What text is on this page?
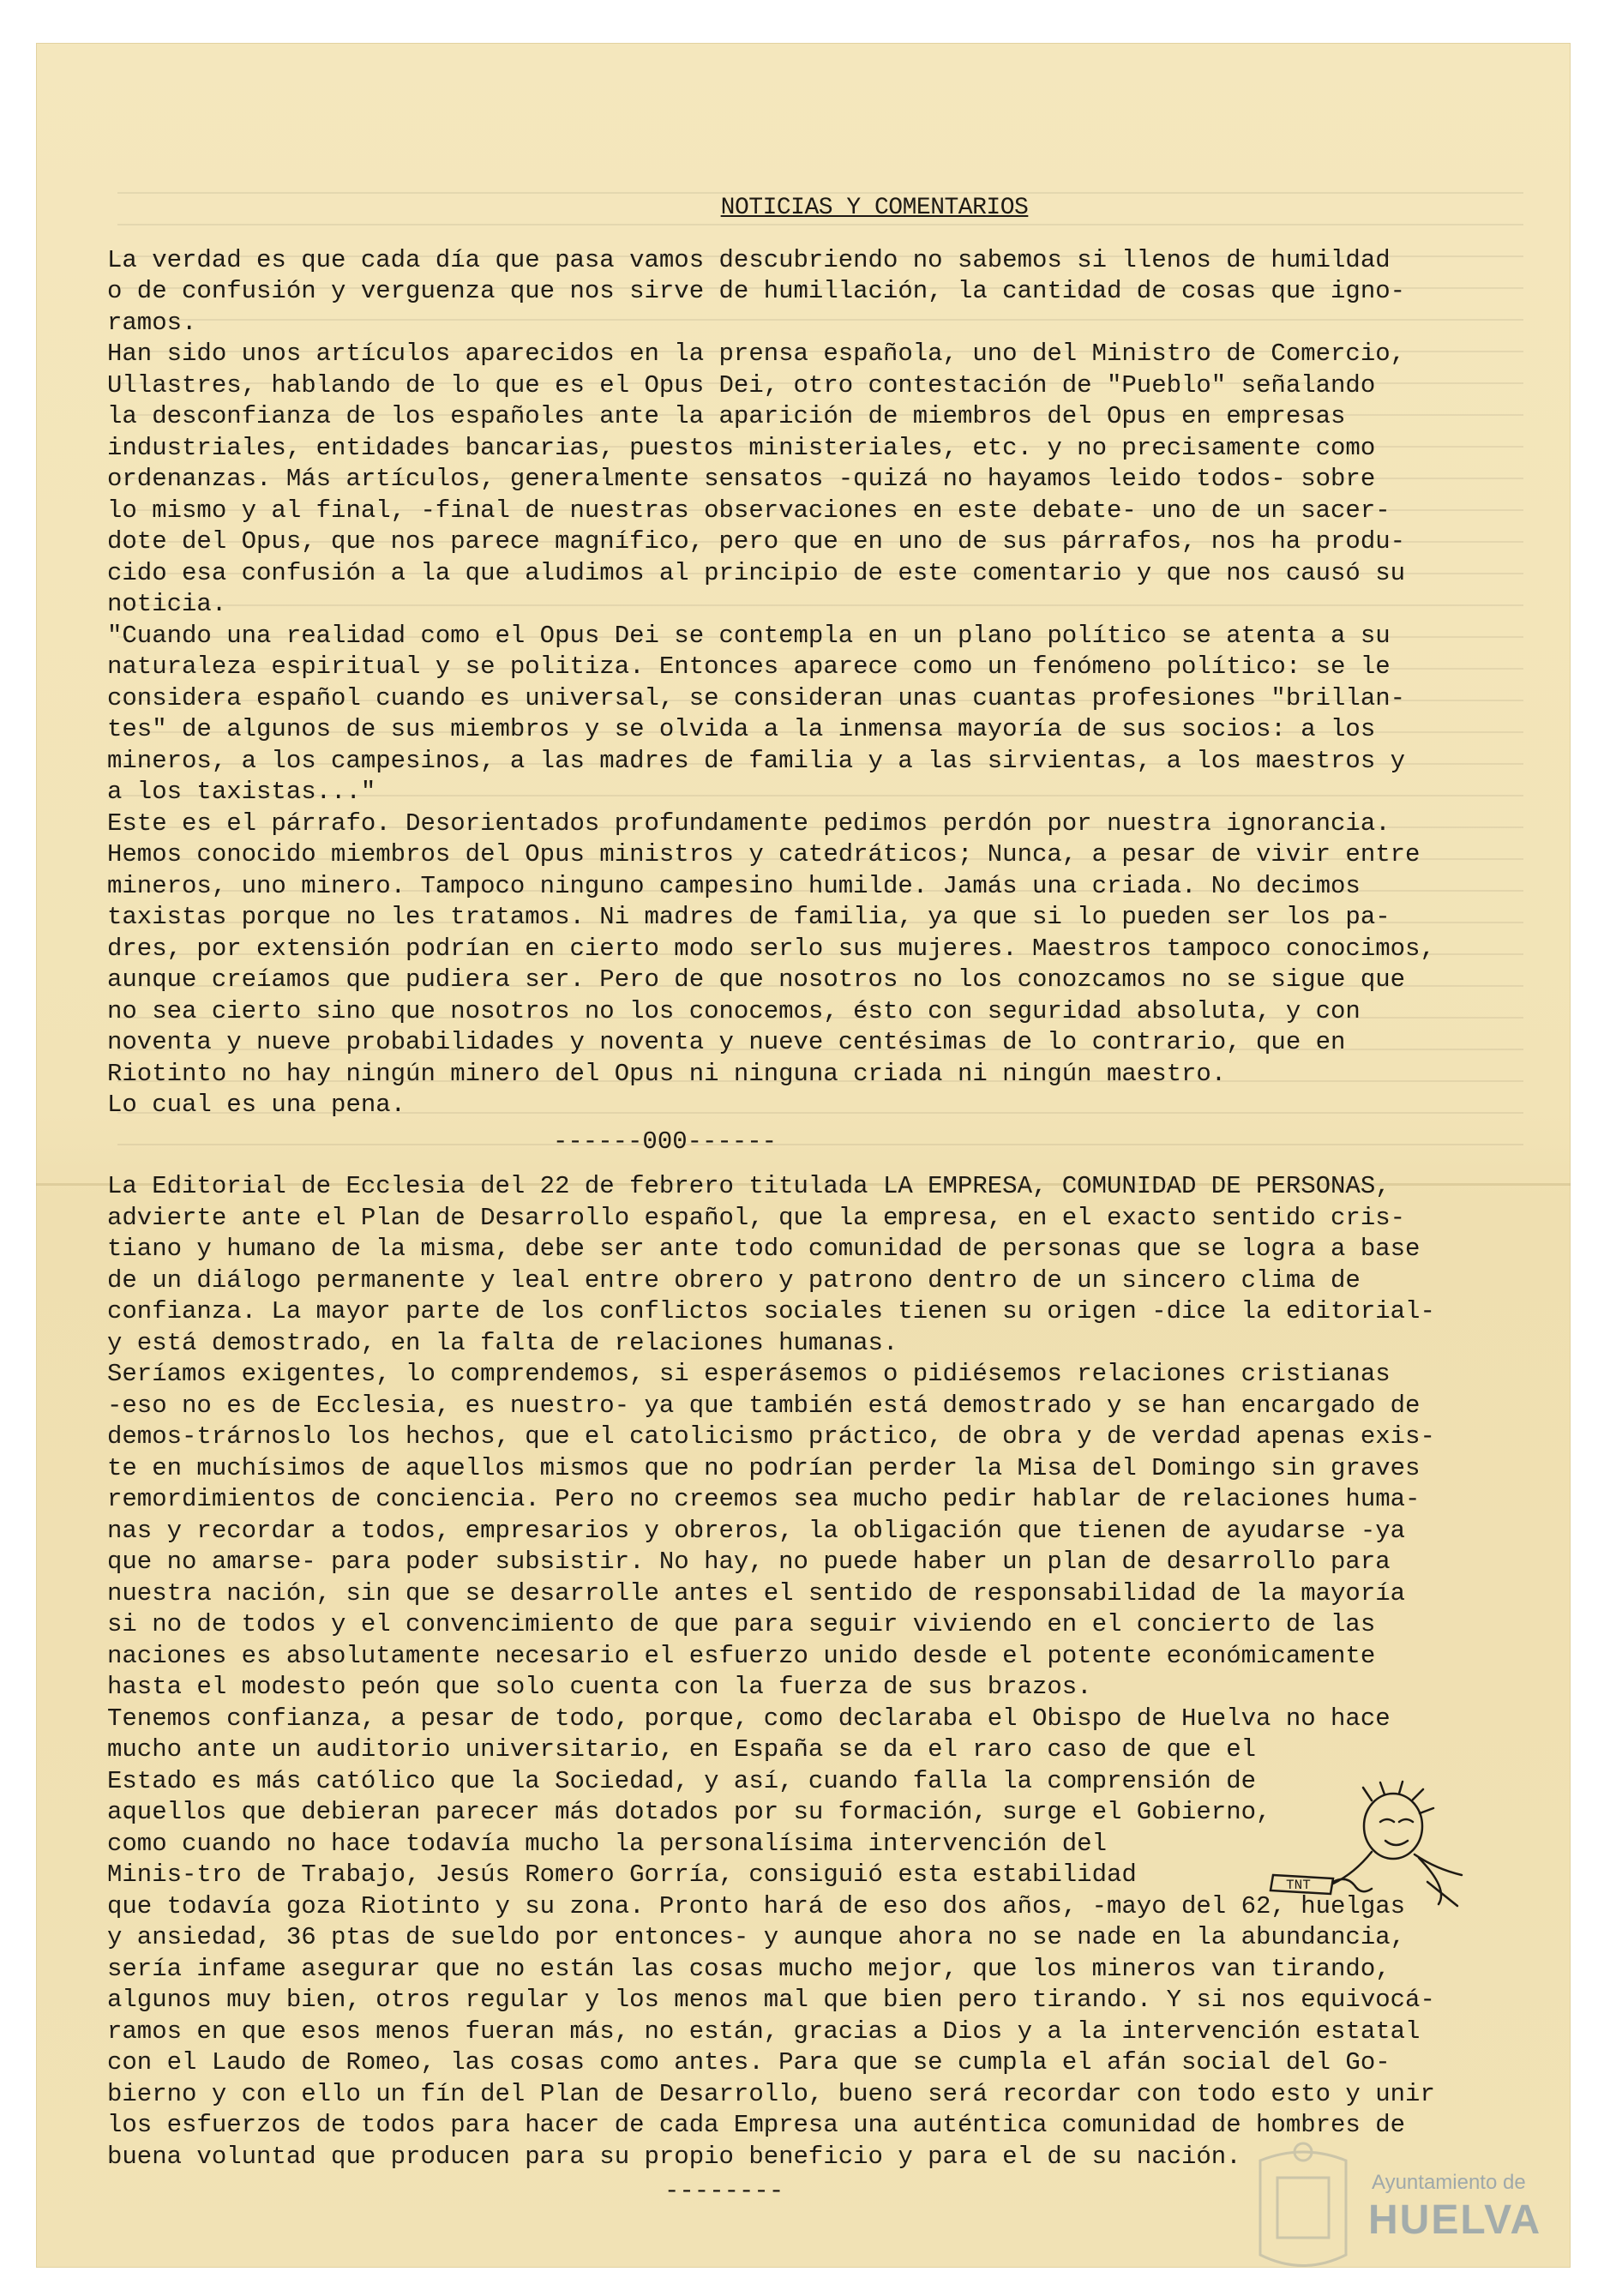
NOTICIAS Y COMENTARIOS

La verdad es que cada día que pasa vamos descubriendo no sabemos si llenos de humildad
o de confusión y verguenza que nos sirve de humillación, la cantidad de cosas que igno-
ramos.

Han sido unos artículos aparecidos en la prensa española, uno del Ministro de Comercio,
Ullastres, hablando de lo que es el Opus Dei, otro contestación de "Pueblo" señalando
la desconfianza de los españoles ante la aparición de miembros del Opus en empresas
industriales, entidades bancarias, puestos ministeriales, etc. y no precisamente como
ordenanzas. Más artículos, generalmente sensatos -quizá no hayamos leido todos- sobre
lo mismo y al final, -final de nuestras observaciones en este debate- uno de un sacer-
dote del Opus, que nos parece magnífico, pero que en uno de sus párrafos, nos ha produ-
cido esa confusión a la que aludimos al principio de este comentario y que nos causó su
noticia.

"Cuando una realidad como el Opus Dei se contempla en un plano político se atenta a su
naturaleza espiritual y se politiza. Entonces aparece como un fenómeno político: se le
considera español cuando es universal, se consideran unas cuantas profesiones "brillan-
tes" de algunos de sus miembros y se olvida a la inmensa mayoría de sus socios: a los
mineros, a los campesinos, a las madres de familia y a las sirvientas, a los maestros y
a los taxistas..."

Este es el párrafo. Desorientados profundamente pedimos perdón por nuestra ignorancia.
Hemos conocido miembros del Opus ministros y catedráticos; Nunca, a pesar de vivir entre
mineros, uno minero. Tampoco ninguno campesino humilde. Jamás una criada. No decimos
taxistas porque no les tratamos. Ni madres de familia, ya que si lo pueden ser los pa-
dres, por extensión podrían en cierto modo serlo sus mujeres. Maestros tampoco conocimos,
aunque creíamos que pudiera ser. Pero de que nosotros no los conozcamos no se sigue que
no sea cierto sino que nosotros no los conocemos, ésto con seguridad absoluta, y con
noventa y nueve probabilidades y noventa y nueve centésimas de lo contrario, que en
Riotinto no hay ningún minero del Opus ni ninguna criada ni ningún maestro.

Lo cual es una pena.

------000------

La Editorial de Ecclesia del 22 de febrero titulada LA EMPRESA, COMUNIDAD DE PERSONAS,
advierte ante el Plan de Desarrollo español, que la empresa, en el exacto sentido cris-
tiano y humano de la misma, debe ser ante todo comunidad de personas que se logra a base
de un diálogo permanente y leal entre obrero y patrono dentro de un sincero clima de
confianza. La mayor parte de los conflictos sociales tienen su origen -dice la editorial-
y está demostrado, en la falta de relaciones humanas.

Seríamos exigentes, lo comprendemos, si esperásemos o pidiésemos relaciones cristianas
-eso no es de Ecclesia, es nuestro- ya que también está demostrado y se han encargado de
demos-trárnoslo los hechos, que el catolicismo práctico, de obra y de verdad apenas exis-
te en muchísimos de aquellos mismos que no podrían perder la Misa del Domingo sin graves
remordimientos de conciencia. Pero no creemos sea mucho pedir hablar de relaciones huma-
nas y recordar a todos, empresarios y obreros, la obligación que tienen de ayudarse -ya
que no amarse- para poder subsistir. No hay, no puede haber un plan de desarrollo para
nuestra nación, sin que se desarrolle antes el sentido de responsabilidad de la mayoría
si no de todos y el convencimiento de que para seguir viviendo en el concierto de las
naciones es absolutamente necesario el esfuerzo unido desde el potente económicamente
hasta el modesto peón que solo cuenta con la fuerza de sus brazos.

Tenemos confianza, a pesar de todo, porque, como declaraba el Obispo de Huelva no hace
mucho ante un auditorio universitario, en España se da el raro caso de que el
Estado es más católico que la Sociedad, y así, cuando falla la comprensión de
aquellos que debieran parecer más dotados por su formación, surge el Gobierno,
como cuando no hace todavía mucho la personalísima intervención del
Minis-tro de Trabajo, Jesús Romero Gorría, consiguió esta estabilidad
que todavía goza Riotinto y su zona. Pronto hará de eso dos años, -mayo del 62, huelgas
y ansiedad, 36 ptas de sueldo por entonces- y aunque ahora no se nade en la abundancia,
sería infame asegurar que no están las cosas mucho mejor, que los mineros van tirando,
algunos muy bien, otros regular y los menos mal que bien pero tirando. Y si nos equivocá-
ramos en que esos menos fueran más, no están, gracias a Dios y a la intervención estatal
con el Laudo de Romeo, las cosas como antes. Para que se cumpla el afán social del Go-
bierno y con ello un fín del Plan de Desarrollo, bueno será recordar con todo esto y unir
los esfuerzos de todos para hacer de cada Empresa una auténtica comunidad de hombres de
buena voluntad que producen para su propio beneficio y para el de su nación.

--------
TNT
Ayuntamiento de
HUELVA
